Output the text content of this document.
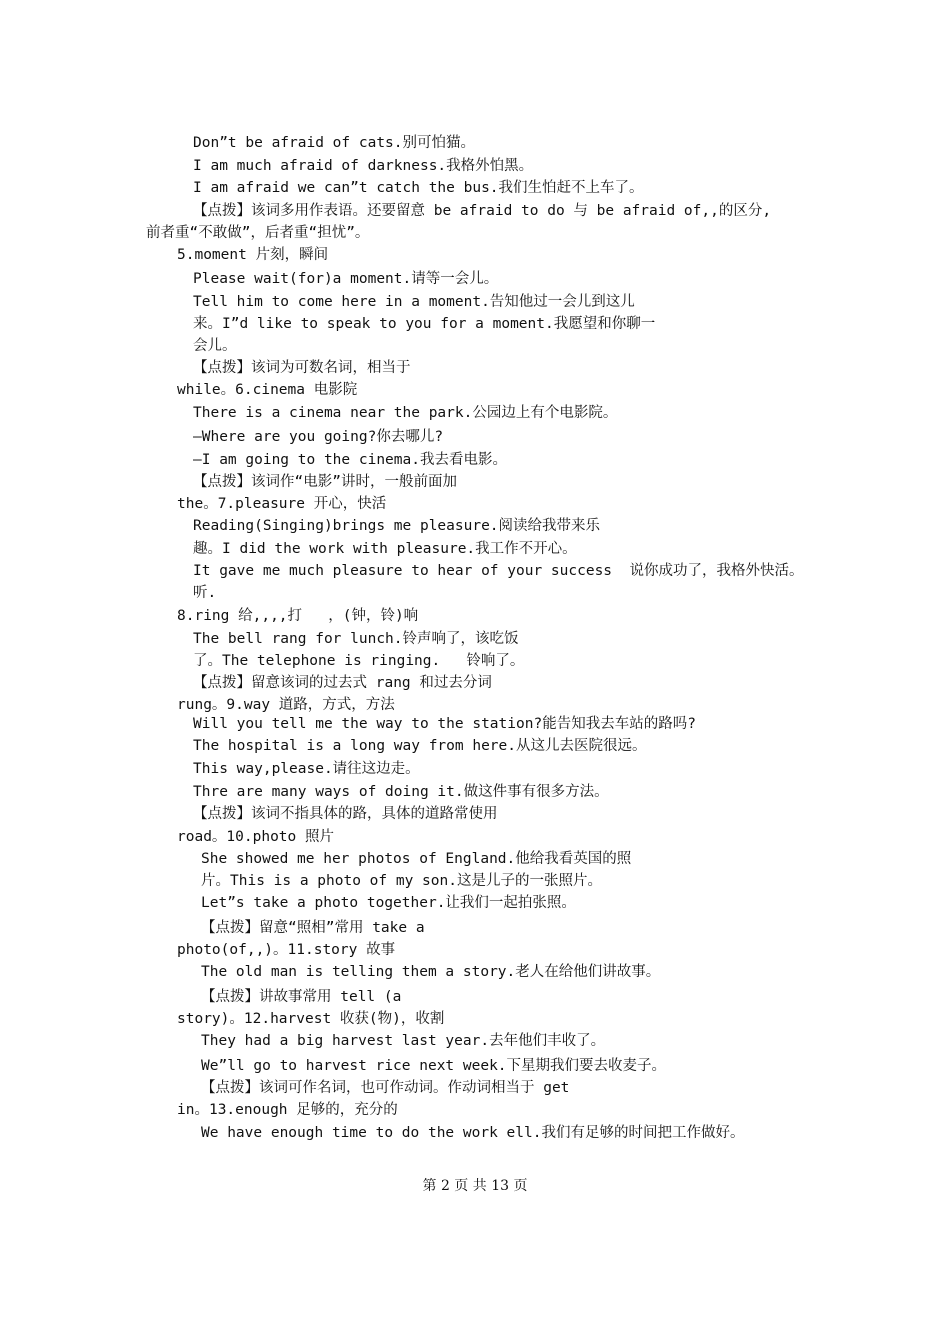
Don”t be afraid of cats.别可怕猫。
I am much afraid of darkness.我格外怕黑。
I am afraid we can”t catch the bus.我们生怕赶不上车了。
【点拨】该词多用作表语。还要留意 be afraid to do 与 be afraid of,,的区分,
前者重“不敢做”，后者重“担忧”。
5.moment 片刻，瞬间
Please wait(for)a moment.请等一会儿。
Tell him to come here in a moment.告知他过一会儿到这儿
来。I”d like to speak to you for a moment.我愿望和你聊一
会儿。
【点拨】该词为可数名词，相当于
while。6.cinema 电影院
There is a cinema near the park.公园边上有个电影院。
—Where are you going?你去哪儿?
—I am going to the cinema.我去看电影。
【点拨】该词作“电影”讲时，一般前面加
the。7.pleasure 开心，快活
Reading(Singing)brings me pleasure.阅读给我带来乐
趣。I did the work with pleasure.我工作不开心。
It gave me much pleasure to hear of your success  说你成功了，我格外快活。
听.
8.ring 给,,,,打   ，(钟，铃)响
The bell rang for lunch.铃声响了，该吃饭
了。The telephone is ringing.   铃响了。
【点拨】留意该词的过去式 rang 和过去分词
rung。9.way 道路，方式，方法
Will you tell me the way to the station?能告知我去车站的路吗?
The hospital is a long way from here.从这儿去医院很远。
This way,please.请往这边走。
Thre are many ways of doing it.做这件事有很多方法。
【点拨】该词不指具体的路，具体的道路常使用
road。10.photo 照片
She showed me her photos of England.他给我看英国的照
片。This is a photo of my son.这是儿子的一张照片。
Let”s take a photo together.让我们一起拍张照。
【点拨】留意“照相”常用 take a
photo(of,,)。11.story 故事
The old man is telling them a story.老人在给他们讲故事。
【点拨】讲故事常用 tell (a
story)。12.harvest 收获(物)，收割
They had a big harvest last year.去年他们丰收了。
We”ll go to harvest rice next week.下星期我们要去收麦子。
【点拨】该词可作名词，也可作动词。作动词相当于 get
in。13.enough 足够的，充分的
We have enough time to do the work ell.我们有足够的时间把工作做好。
第 2 页 共 13 页
